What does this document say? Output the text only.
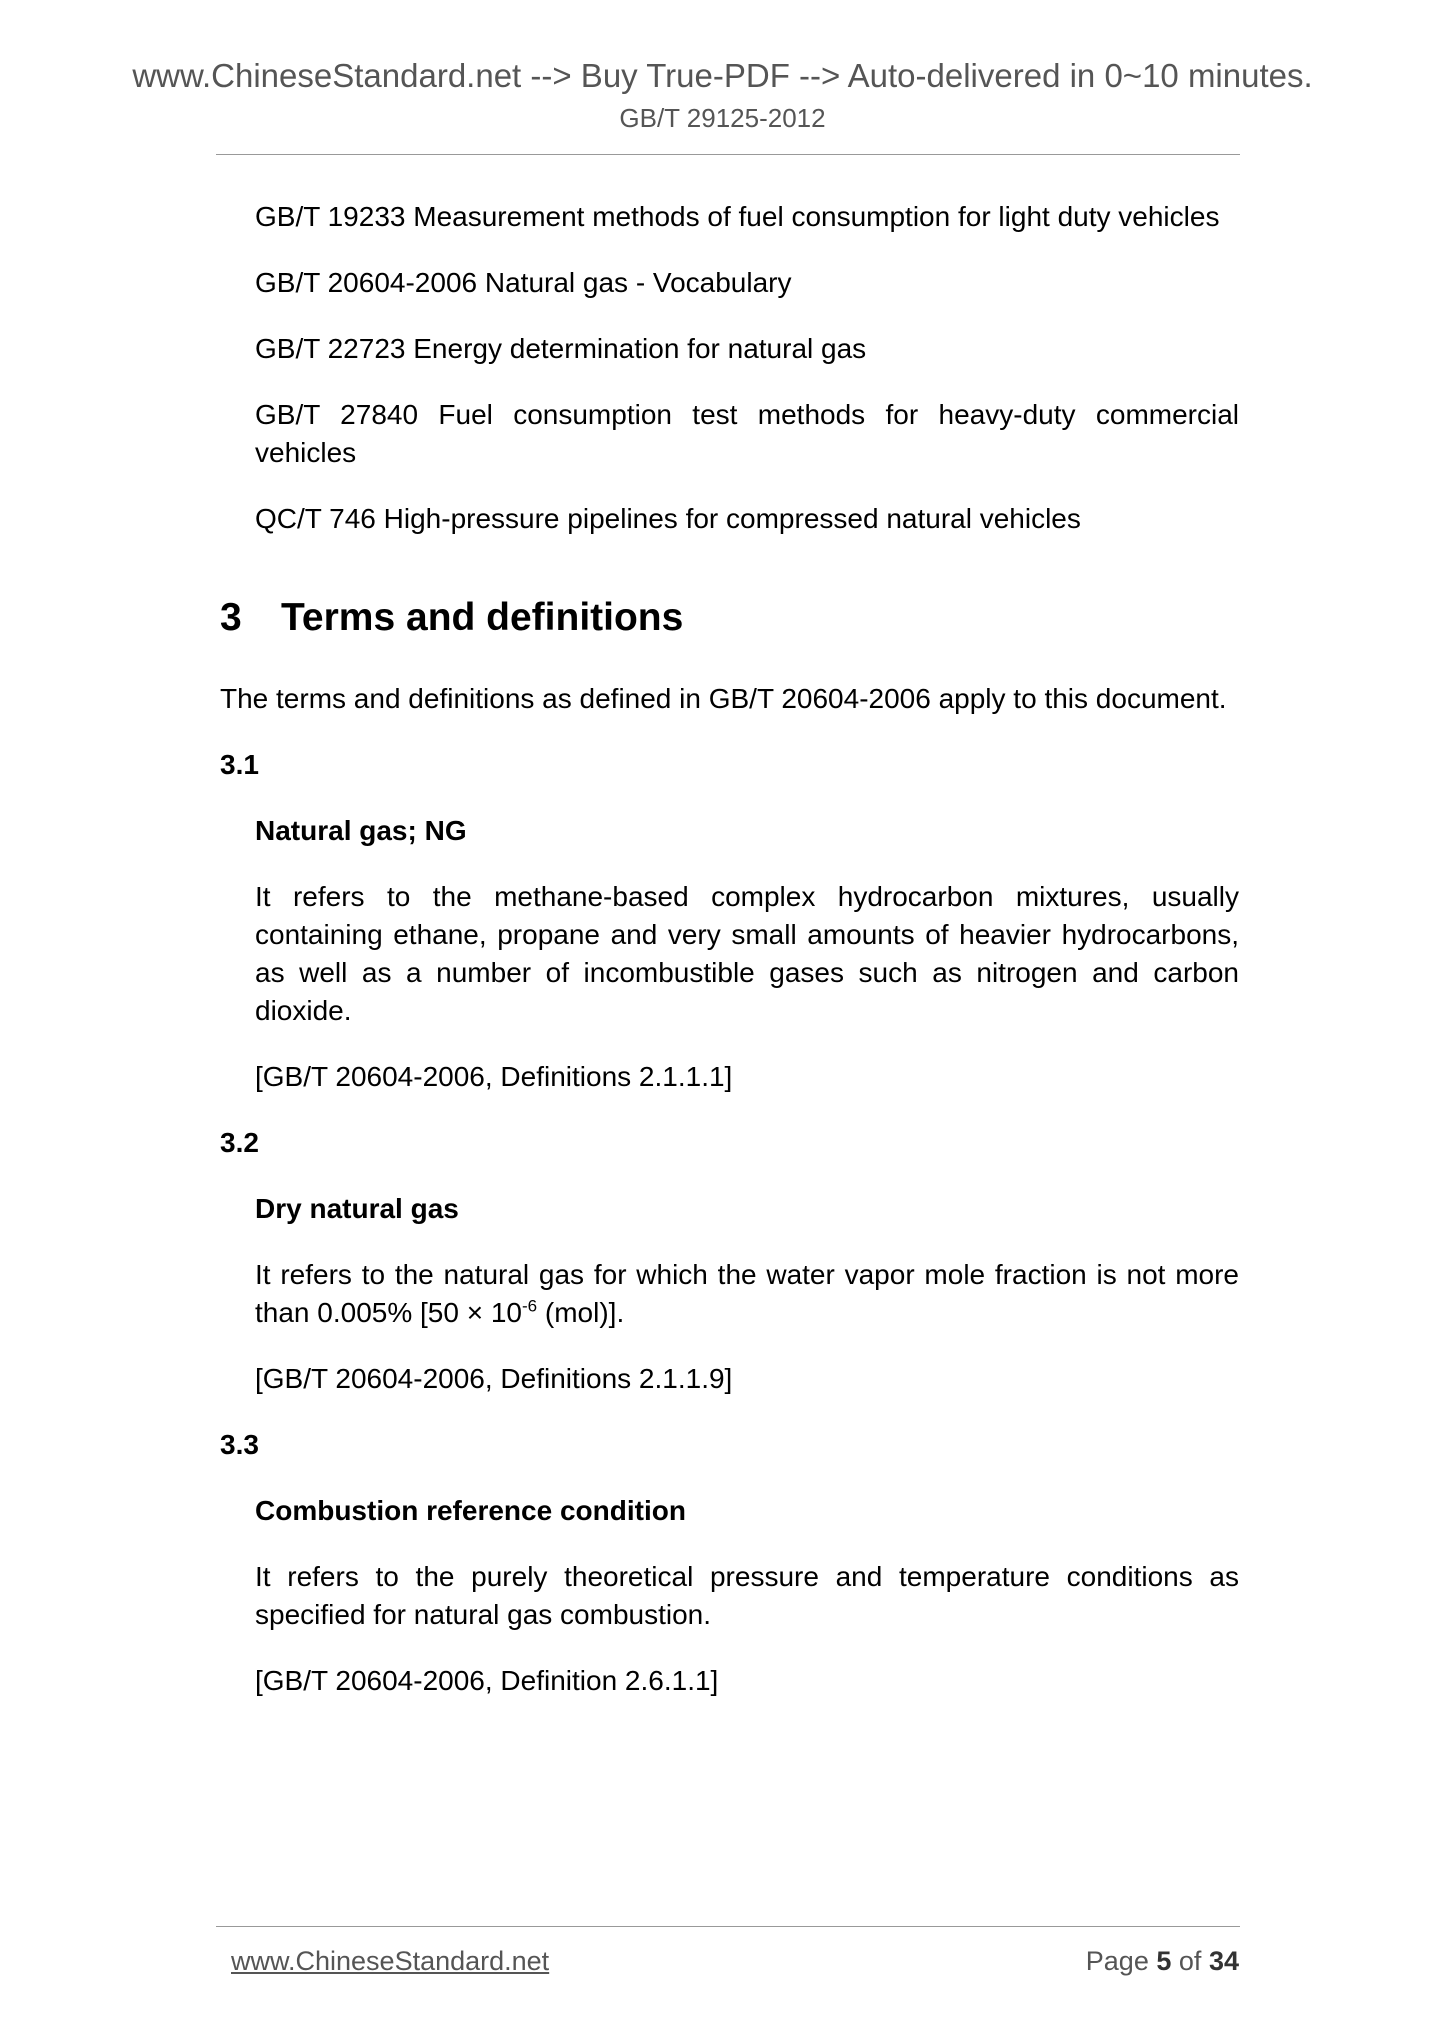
www.ChineseStandard.net --> Buy True-PDF --> Auto-delivered in 0~10 minutes.
GB/T 29125-2012

GB/T 19233 Measurement methods of fuel consumption for light duty vehicles

GB/T 20604-2006 Natural gas - Vocabulary

GB/T 22723 Energy determination for natural gas

GB/T 27840 Fuel consumption test methods for heavy-duty commercial vehicles

QC/T 746 High-pressure pipelines for compressed natural vehicles

3 Terms and definitions

The terms and definitions as defined in GB/T 20604-2006 apply to this document.

3.1

Natural gas; NG

It refers to the methane-based complex hydrocarbon mixtures, usually containing ethane, propane and very small amounts of heavier hydrocarbons, as well as a number of incombustible gases such as nitrogen and carbon dioxide.

[GB/T 20604-2006, Definitions 2.1.1.1]

3.2

Dry natural gas

It refers to the natural gas for which the water vapor mole fraction is not more than 0.005% [$50 \times 10^{-6}$ (mol)].

[GB/T 20604-2006, Definitions 2.1.1.9]

3.3

Combustion reference condition

It refers to the purely theoretical pressure and temperature conditions as specified for natural gas combustion.

[GB/T 20604-2006, Definition 2.6.1.1]

www.ChineseStandard.net	Page 5 of 34
